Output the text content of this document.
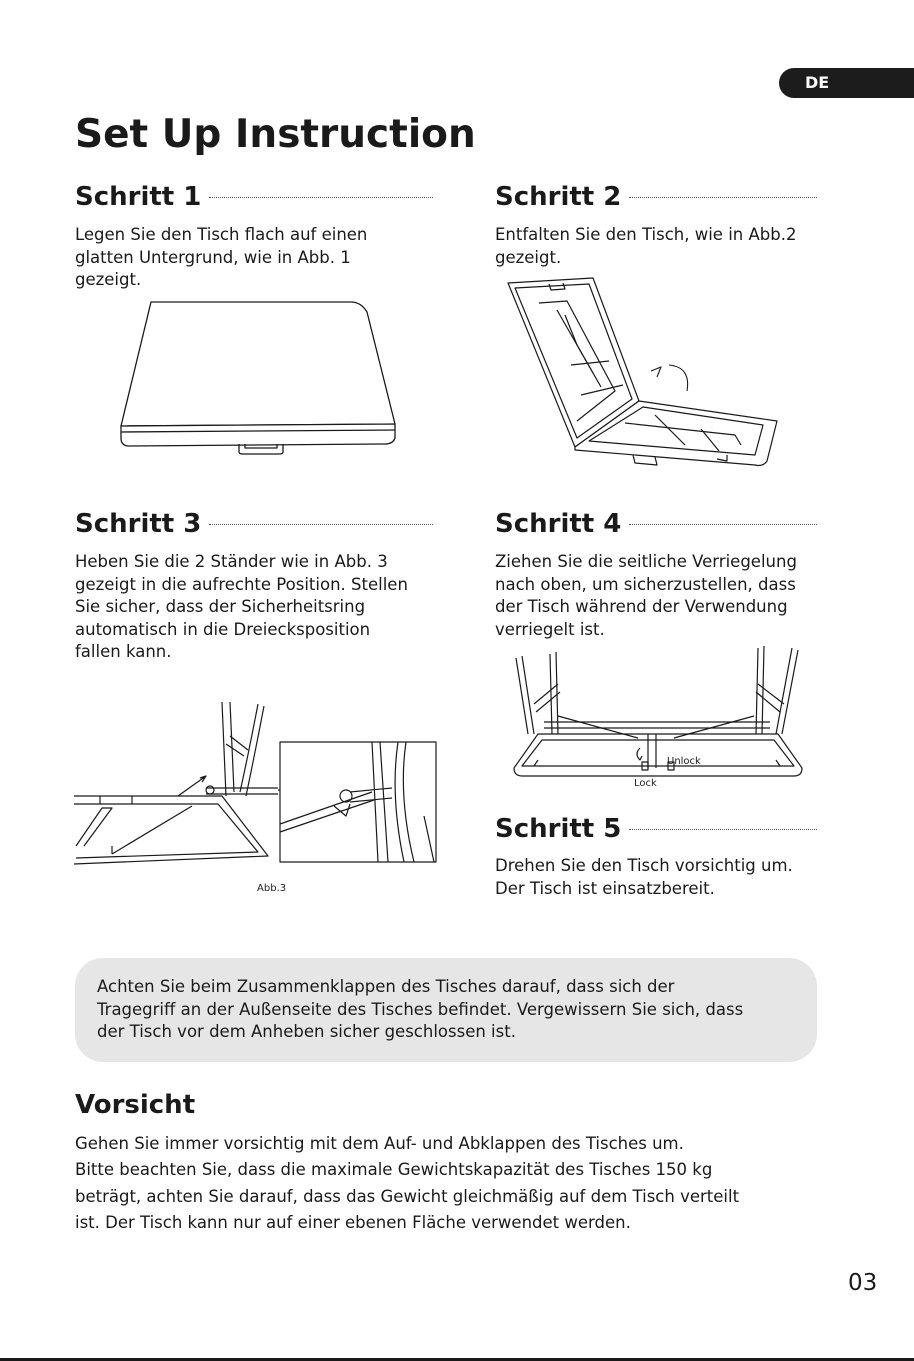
DE
Set Up Instruction
Schritt 1

Legen Sie den Tisch flach auf einen
glatten Untergrund, wie in Abb. 1
gezeigt.

Schritt 2

Entfalten Sie den Tisch, wie in Abb.2
gezeigt.

Schritt 3

Heben Sie die 2 Ständer wie in Abb. 3
gezeigt in die aufrechte Position. Stellen
Sie sicher, dass der Sicherheitsring
automatisch in die Dreiecksposition
fallen kann.

Abb.3
Schritt 4

Ziehen Sie die seitliche Verriegelung
nach oben, um sicherzustellen, dass
der Tisch während der Verwendung
verriegelt ist.

Unlock
Lock
Schritt 5

Drehen Sie den Tisch vorsichtig um.
Der Tisch ist einsatzbereit.

Achten Sie beim Zusammenklappen des Tisches darauf, dass sich der
Tragegriff an der Außenseite des Tisches befindet. Vergewissern Sie sich, dass
der Tisch vor dem Anheben sicher geschlossen ist.

Vorsicht

Gehen Sie immer vorsichtig mit dem Auf- und Abklappen des Tisches um.

Bitte beachten Sie, dass die maximale Gewichtskapazität des Tisches 150 kg

beträgt, achten Sie darauf, dass das Gewicht gleichmäßig auf dem Tisch verteilt

ist. Der Tisch kann nur auf einer ebenen Fläche verwendet werden.

03
